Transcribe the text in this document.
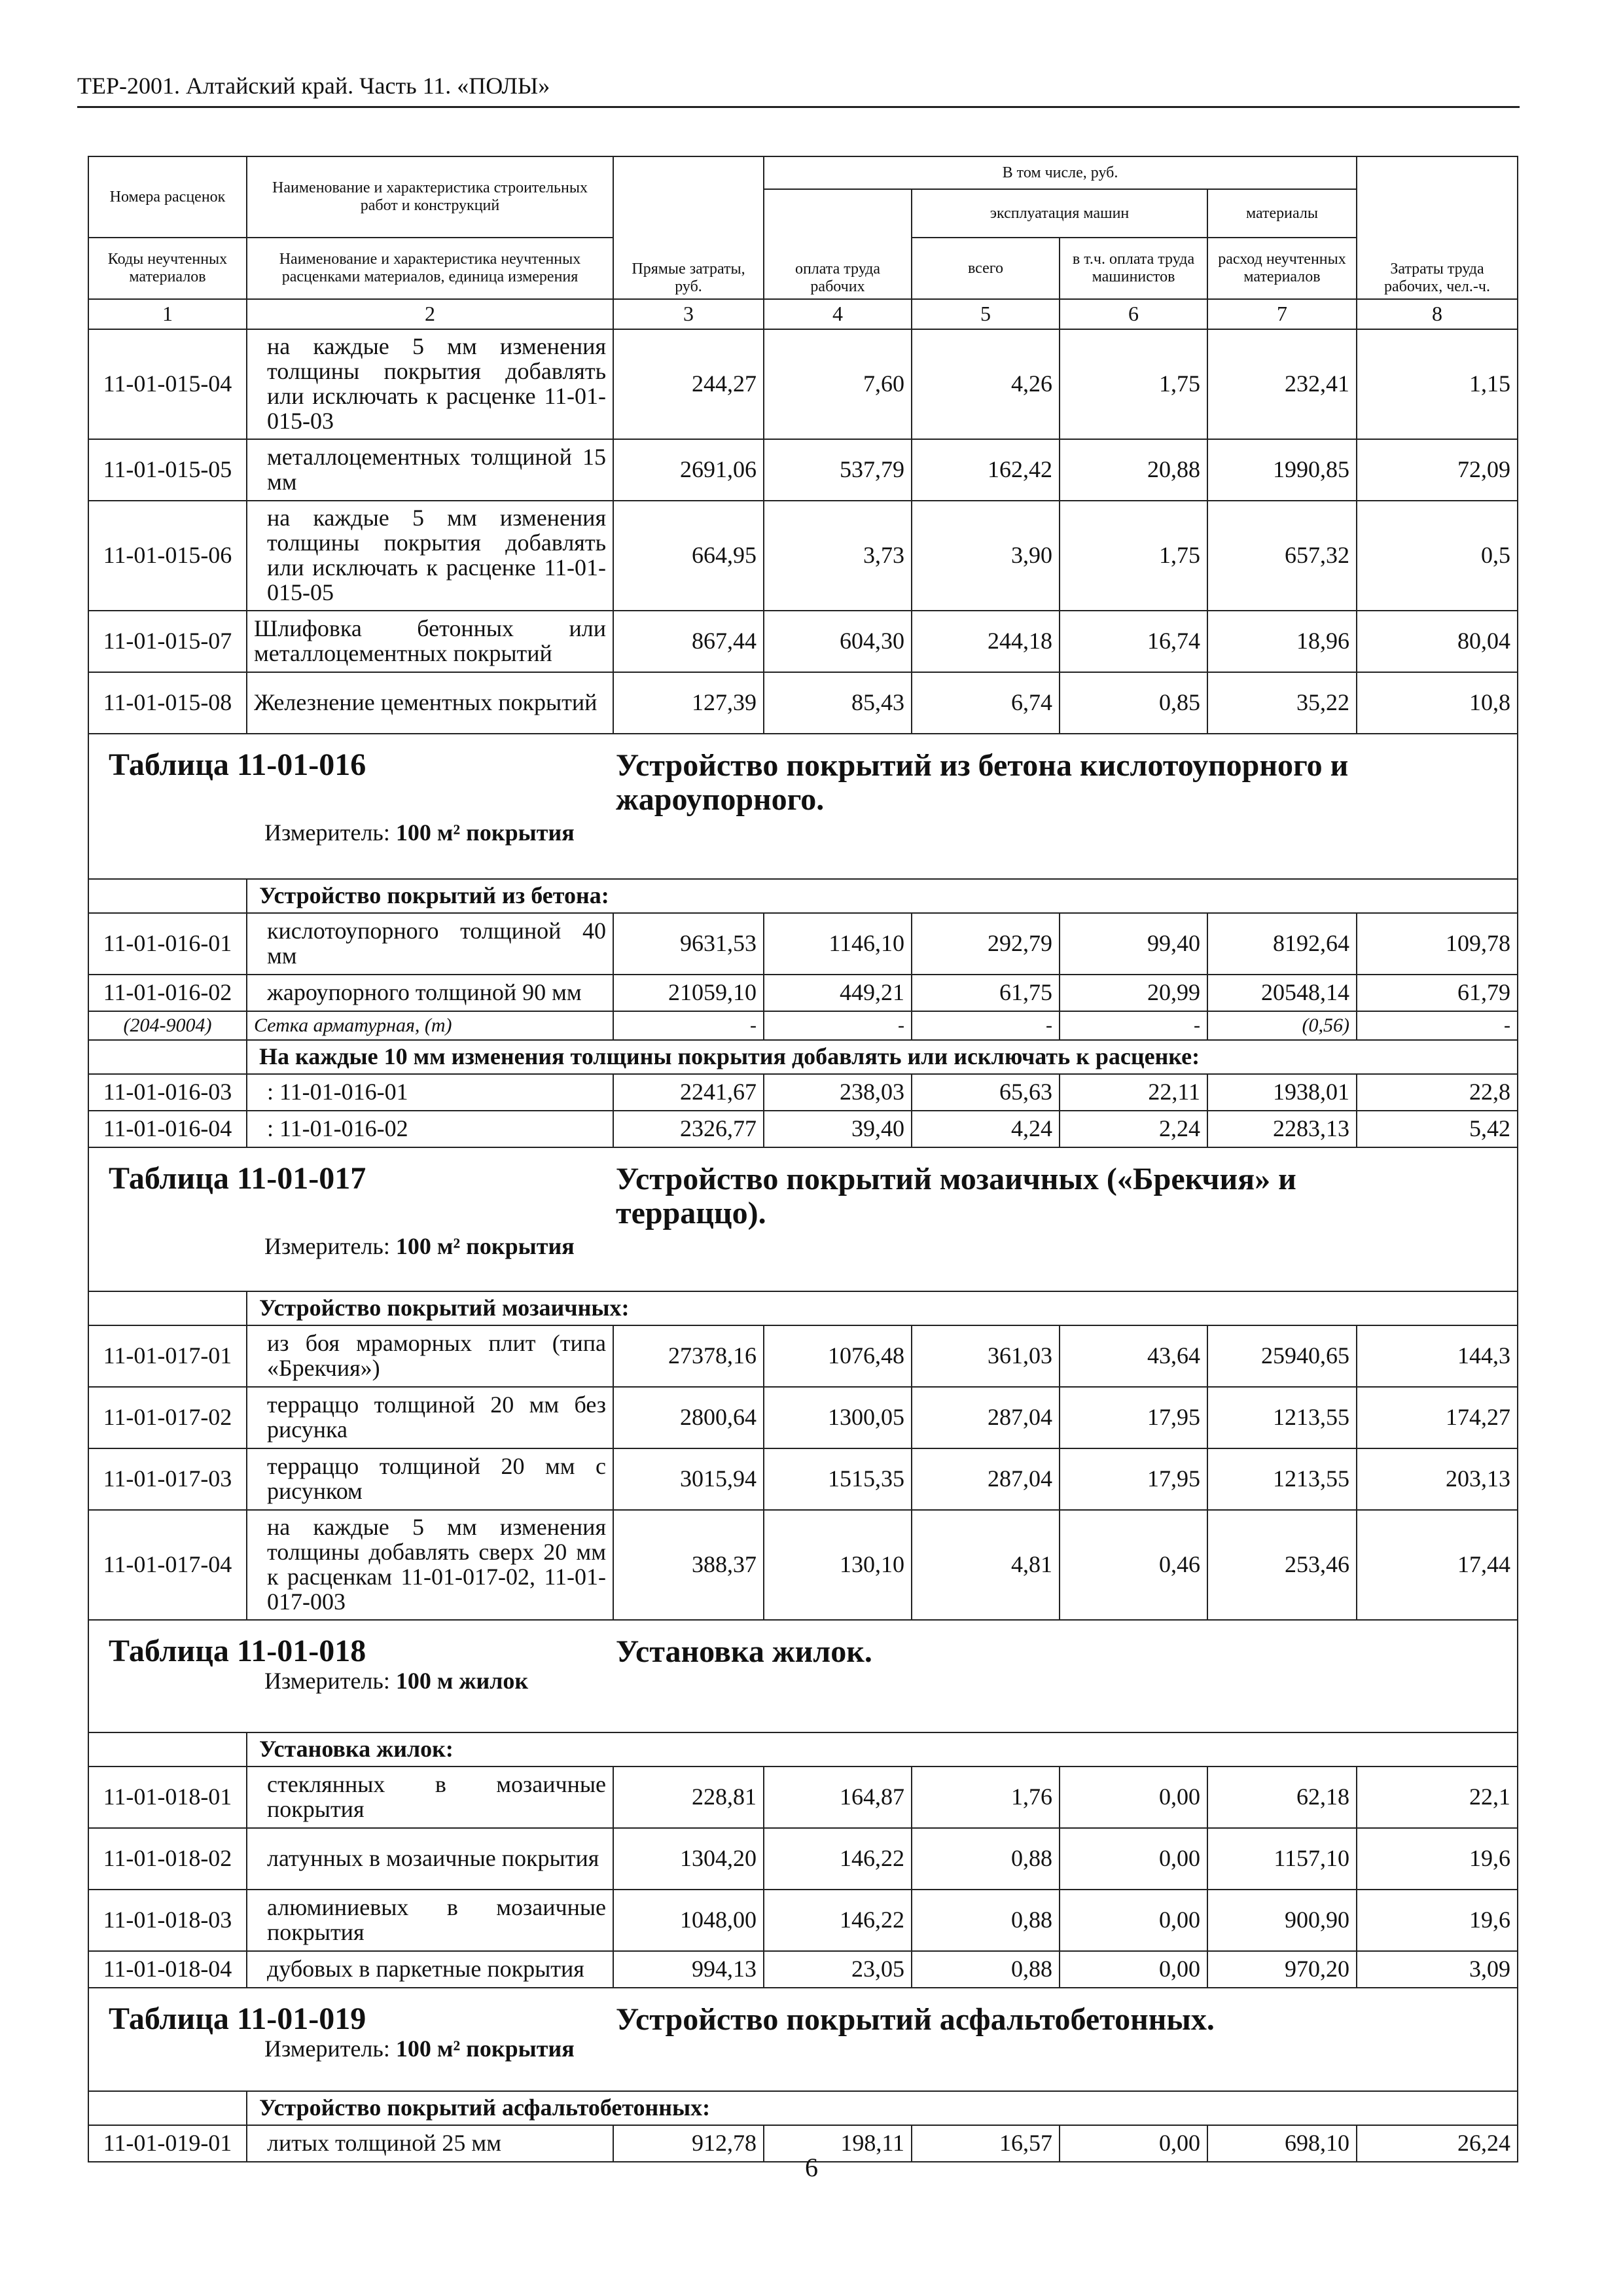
ТЕР-2001. Алтайский край. Часть 11. «ПОЛЫ»
Номера расценок	Наименование и характеристика строительных работ и конструкций	Прямые затраты, руб.	В том числе, руб.				Затраты труда рабочих, чел.-ч.
			оплата труда рабочих	эксплуатация машин		материалы	
Коды неучтенных материалов	Наименование и характеристика неучтенных расценками материалов, единица измерения			всего	в т.ч. оплата труда машинистов	расход неучтенных материалов	
1	2	3	4	5	6	7	8
11-01-015-04	на каждые 5 мм изменения толщины покрытия добавлять или исключать к расценке 11-01-015-03	244,27	7,60	4,26	1,75	232,41	1,15
11-01-015-05	металлоцементных толщиной 15 мм	2691,06	537,79	162,42	20,88	1990,85	72,09
11-01-015-06	на каждые 5 мм изменения толщины покрытия добавлять или исключать к расценке 11-01-015-05	664,95	3,73	3,90	1,75	657,32	0,5
11-01-015-07	Шлифовка бетонных или металлоцементных покрытий	867,44	604,30	244,18	16,74	18,96	80,04
11-01-015-08	Железнение цементных покрытий	127,39	85,43	6,74	0,85	35,22	10,8

Таблица 11-01-016 Устройство покрытий из бетона кислотоупорного и жароупорного.
Измеритель: 100 м² покрытия							

	Устройство покрытий из бетона:						
11-01-016-01	кислотоупорного толщиной 40 мм	9631,53	1146,10	292,79	99,40	8192,64	109,78
11-01-016-02	жароупорного толщиной 90 мм	21059,10	449,21	61,75	20,99	20548,14	61,79
(204-9004)	Сетка арматурная, (т)	-	-	-	-	(0,56)	-
	На каждые 10 мм изменения толщины покрытия добавлять или исключать к расценке:						
11-01-016-03	: 11-01-016-01	2241,67	238,03	65,63	22,11	1938,01	22,8
11-01-016-04	: 11-01-016-02	2326,77	39,40	4,24	2,24	2283,13	5,42

Таблица 11-01-017 Устройство покрытий мозаичных («Брекчия» и терраццо).
Измеритель: 100 м² покрытия							

	Устройство покрытий мозаичных:						
11-01-017-01	из боя мраморных плит (типа «Брекчия»)	27378,16	1076,48	361,03	43,64	25940,65	144,3
11-01-017-02	терраццо толщиной 20 мм без рисунка	2800,64	1300,05	287,04	17,95	1213,55	174,27
11-01-017-03	терраццо толщиной 20 мм с рисунком	3015,94	1515,35	287,04	17,95	1213,55	203,13
11-01-017-04	на каждые 5 мм изменения толщины добавлять сверх 20 мм к расценкам 11-01-017-02, 11-01-017-003	388,37	130,10	4,81	0,46	253,46	17,44

Таблица 11-01-018 Установка жилок.
Измеритель: 100 м жилок							

	Установка жилок:						
11-01-018-01	стеклянных в мозаичные покрытия	228,81	164,87	1,76	0,00	62,18	22,1
11-01-018-02	латунных в мозаичные покрытия	1304,20	146,22	0,88	0,00	1157,10	19,6
11-01-018-03	алюминиевых в мозаичные покрытия	1048,00	146,22	0,88	0,00	900,90	19,6
11-01-018-04	дубовых в паркетные покрытия	994,13	23,05	0,88	0,00	970,20	3,09

Таблица 11-01-019 Устройство покрытий асфальтобетонных.
Измеритель: 100 м² покрытия							

	Устройство покрытий асфальтобетонных:						
11-01-019-01	литых толщиной 25 мм	912,78	198,11	16,57	0,00	698,10	26,24
6
